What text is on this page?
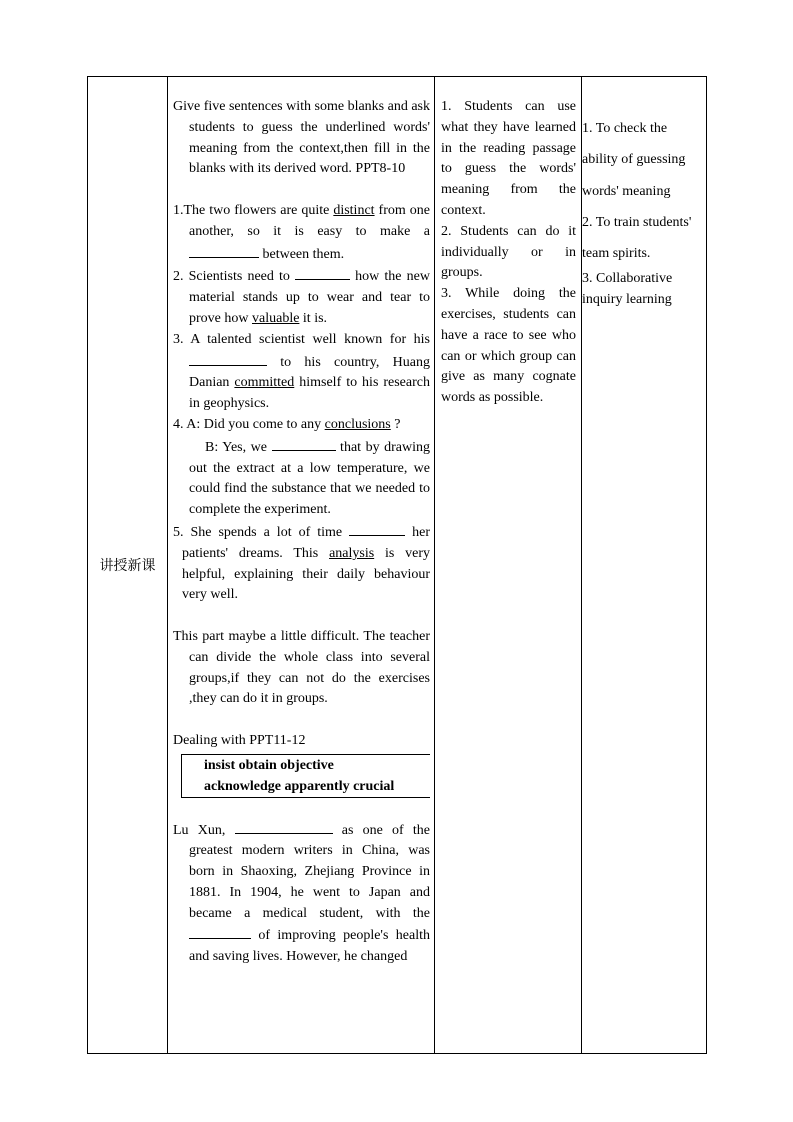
讲授新课

Give five sentences with some blanks and ask students to guess the underlined words' meaning from the context,then fill in the blanks with its derived word. PPT8-10

1.The two flowers are quite distinct from one another, so it is easy to make a  between them.

2. Scientists need to	how the new material stands up to wear and tear to prove how valuable it is.

3. A talented scientist well known for his  to his country, Huang Danian committed himself to his research in geophysics.

4. A: Did you come to any conclusions ?

B: Yes, we	that by drawing out the extract at a low temperature, we could find the substance that we needed to complete the experiment.

5. She spends a lot of time	her patients' dreams. This analysis is very helpful, explaining their daily behaviour very well.

This part maybe a little difficult. The teacher can divide the whole class into several groups,if they can not do the exercises ,they can do it in groups.

Dealing with PPT11-12

insist obtain objective
acknowledge apparently crucial

Lu Xun,	as one of the greatest modern writers in China, was born in Shaoxing, Zhejiang Province in 1881. In 1904, he went to Japan and became a medical student, with the of improving people's health and saving lives. However, he changed

1. Students can use what they have learned in the reading passage to guess the words' meaning from the context.

2. Students can do it individually or in groups.

3. While doing the exercises, students can have a race to see who can or which group can give as many cognate words as possible.

1. To check the ability of guessing words' meaning

2. To train students' team spirits.

3. Collaborative inquiry learning
